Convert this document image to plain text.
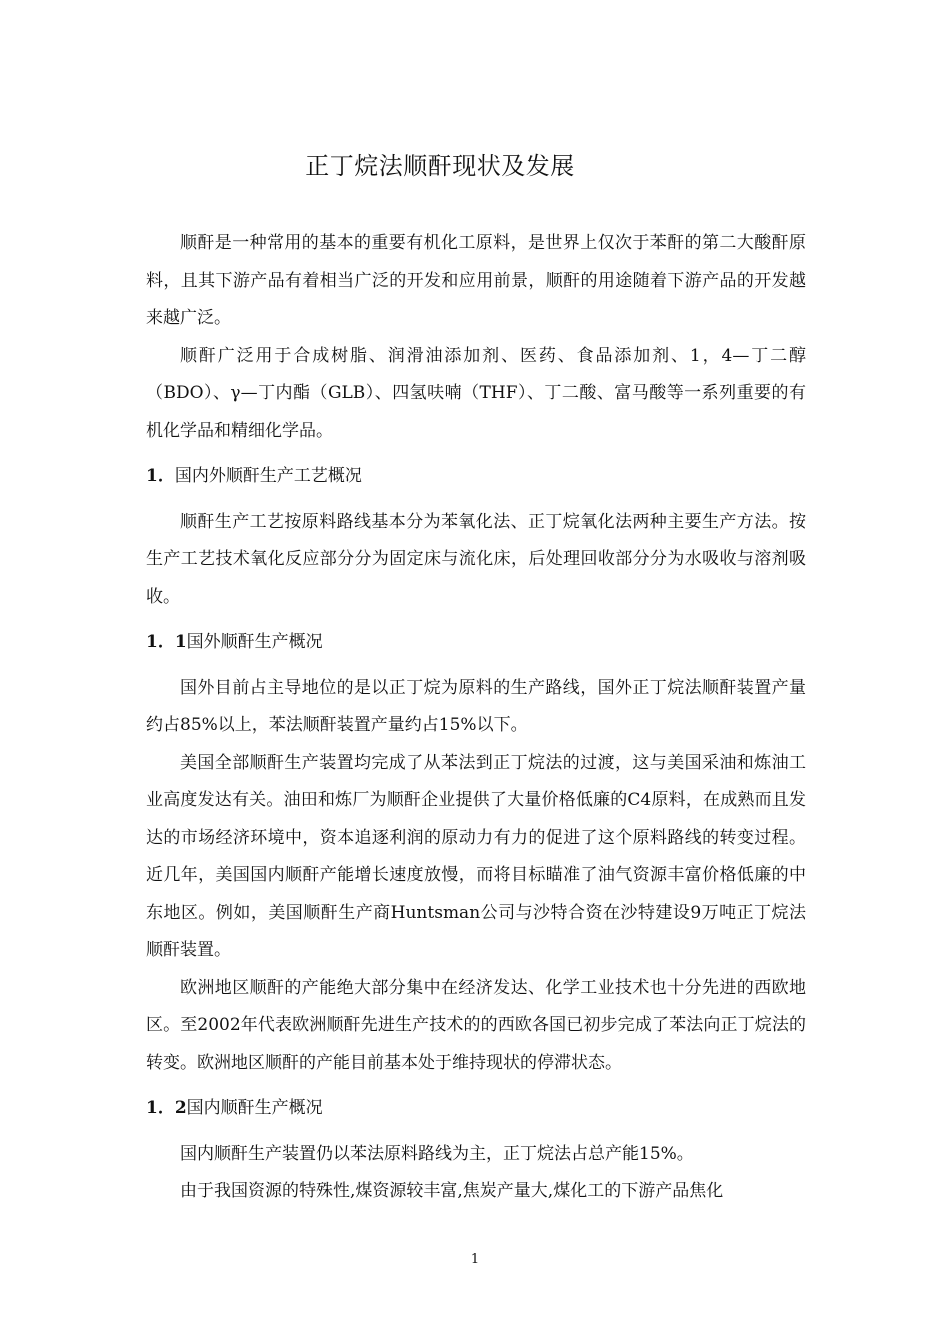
正丁烷法顺酐现状及发展

顺酐是一种常用的基本的重要有机化工原料，是世界上仅次于苯酐的第二大酸酐原料，且其下游产品有着相当广泛的开发和应用前景，顺酐的用途随着下游产品的开发越来越广泛。

顺酐广泛用于合成树脂、润滑油添加剂、医药、食品添加剂、1，4—丁二醇（BDO）、γ—丁内酯（GLB）、四氢呋喃（THF）、丁二酸、富马酸等一系列重要的有机化学品和精细化学品。

1．国内外顺酐生产工艺概况

顺酐生产工艺按原料路线基本分为苯氧化法、正丁烷氧化法两种主要生产方法。按生产工艺技术氧化反应部分分为固定床与流化床，后处理回收部分分为水吸收与溶剂吸收。

1．1国外顺酐生产概况

国外目前占主导地位的是以正丁烷为原料的生产路线，国外正丁烷法顺酐装置产量约占85%以上，苯法顺酐装置产量约占15%以下。

美国全部顺酐生产装置均完成了从苯法到正丁烷法的过渡，这与美国采油和炼油工业高度发达有关。油田和炼厂为顺酐企业提供了大量价格低廉的C4原料，在成熟而且发达的市场经济环境中，资本追逐利润的原动力有力的促进了这个原料路线的转变过程。近几年，美国国内顺酐产能增长速度放慢，而将目标瞄准了油气资源丰富价格低廉的中东地区。例如，美国顺酐生产商Huntsman公司与沙特合资在沙特建设9万吨正丁烷法顺酐装置。

欧洲地区顺酐的产能绝大部分集中在经济发达、化学工业技术也十分先进的西欧地区。至2002年代表欧洲顺酐先进生产技术的的西欧各国已初步完成了苯法向正丁烷法的转变。欧洲地区顺酐的产能目前基本处于维持现状的停滞状态。

1．2国内顺酐生产概况

国内顺酐生产装置仍以苯法原料路线为主，正丁烷法占总产能15%。

由于我国资源的特殊性,煤资源较丰富,焦炭产量大,煤化工的下游产品焦化

1
